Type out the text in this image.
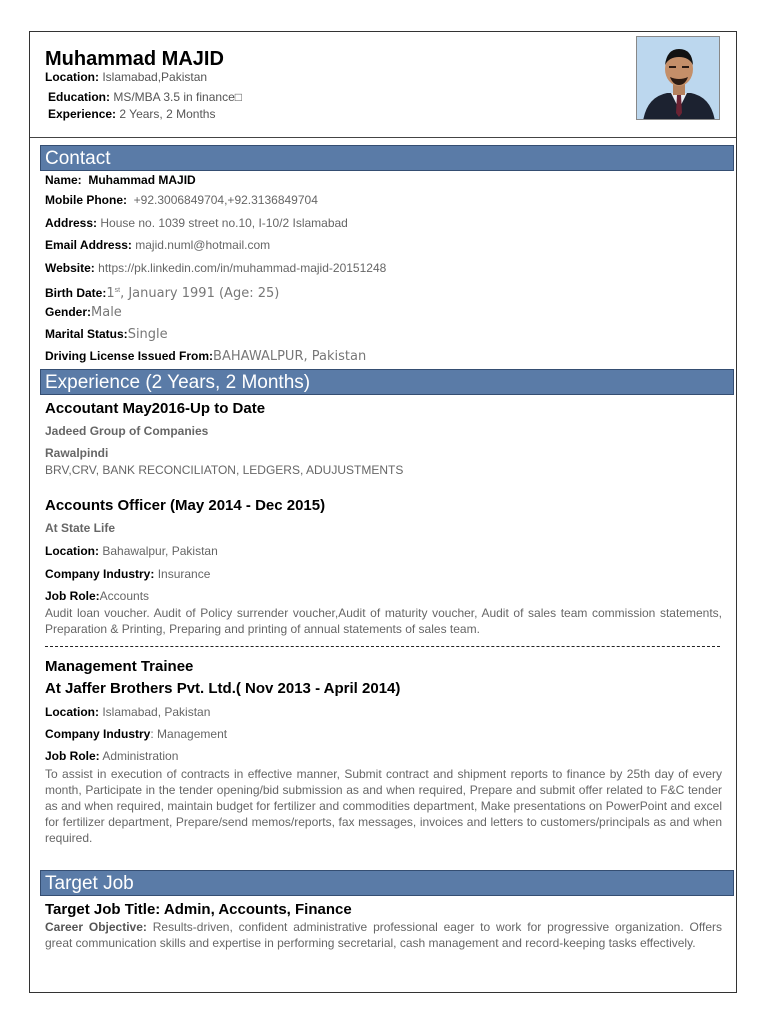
Muhammad MAJID
Location: Islamabad,Pakistan
Education: MS/MBA 3.5 in finance□
Experience: 2 Years, 2 Months
Contact
Name: Muhammad MAJID
Mobile Phone: +92.3006849704,+92.3136849704
Address: House no. 1039 street no.10, I-10/2 Islamabad
Email Address: majid.numl@hotmail.com
Website: https://pk.linkedin.com/in/muhammad-majid-20151248
Birth Date:1st, January 1991 (Age: 25)
Gender:Male
Marital Status:Single
Driving License Issued From:BAHAWALPUR, Pakistan
Experience (2 Years, 2 Months)
Accoutant May2016-Up to Date
Jadeed Group of Companies
Rawalpindi
BRV,CRV, BANK RECONCILIATON, LEDGERS, ADUJUSTMENTS
Accounts Officer (May 2014 - Dec 2015)
At State Life
Location: Bahawalpur, Pakistan
Company Industry: Insurance
Job Role:Accounts
Audit loan voucher. Audit of Policy surrender voucher,Audit of maturity voucher, Audit of sales team commission statements, Preparation & Printing, Preparing and printing of annual statements of sales team.
Management Trainee
At Jaffer Brothers Pvt. Ltd.( Nov 2013 - April 2014)
Location: Islamabad, Pakistan
Company Industry: Management
Job Role: Administration
To assist in execution of contracts in effective manner, Submit contract and shipment reports to finance by 25th day of every month, Participate in the tender opening/bid submission as and when required, Prepare and submit offer related to F&C tender as and when required, maintain budget for fertilizer and commodities department, Make presentations on PowerPoint and excel for fertilizer department, Prepare/send memos/reports, fax messages, invoices and letters to customers/principals as and when required.
Target Job
Target Job Title: Admin, Accounts, Finance
Career Objective: Results-driven, confident administrative professional eager to work for progressive organization. Offers great communication skills and expertise in performing secretarial, cash management and record-keeping tasks effectively.
